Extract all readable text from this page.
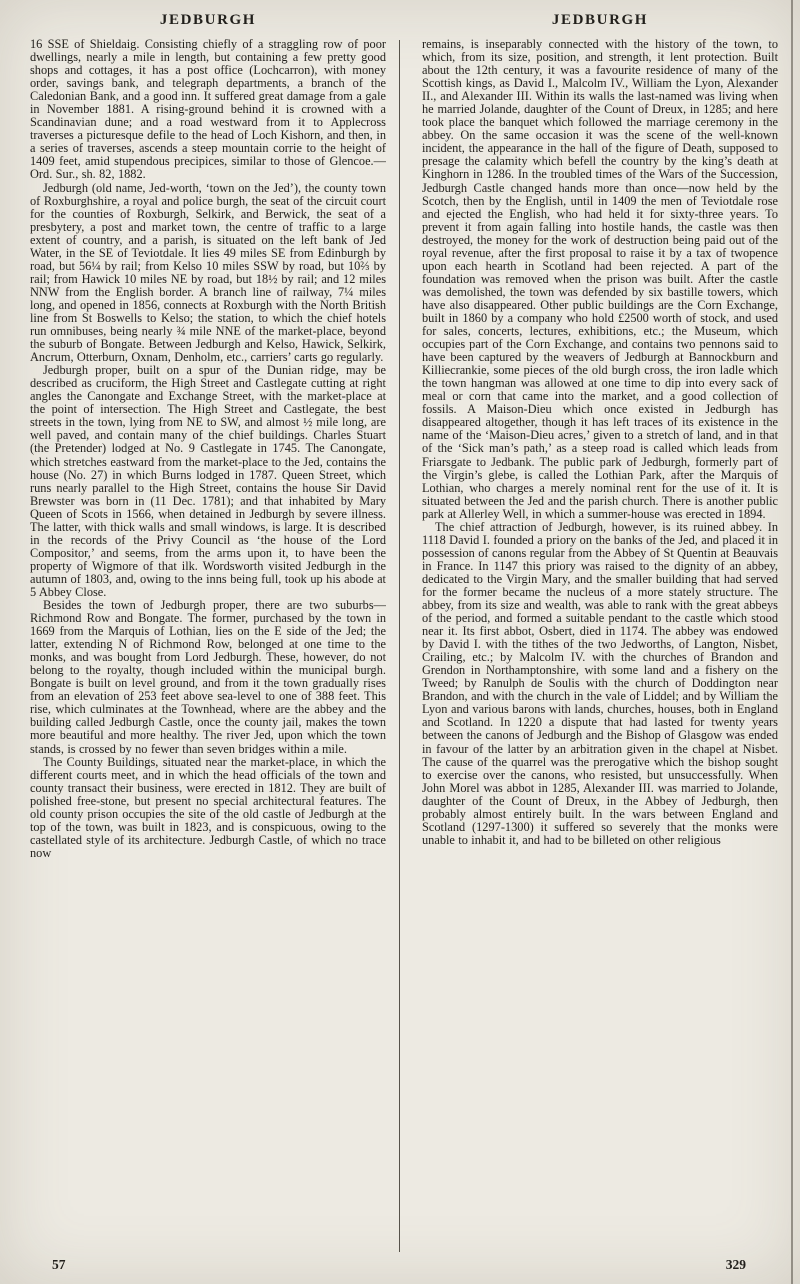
JEDBURGH

16 SSE of Shieldaig. Consisting chiefly of a straggling row of poor dwellings, nearly a mile in length, but containing a few pretty good shops and cottages, it has a post office (Lochcarron), with money order, savings bank, and telegraph departments, a branch of the Caledonian Bank, and a good inn. It suffered great damage from a gale in November 1881. A rising-ground behind it is crowned with a Scandinavian dune; and a road westward from it to Applecross traverses a picturesque defile to the head of Loch Kishorn, and then, in a series of traverses, ascends a steep mountain corrie to the height of 1409 feet, amid stupendous precipices, similar to those of Glencoe.—Ord. Sur., sh. 82, 1882.

Jedburgh (old name, Jed-worth, ‘town on the Jed’), the county town of Roxburghshire, a royal and police burgh, the seat of the circuit court for the counties of Roxburgh, Selkirk, and Berwick, the seat of a presbytery, a post and market town, the centre of traffic to a large extent of country, and a parish, is situated on the left bank of Jed Water, in the SE of Teviotdale. It lies 49 miles SE from Edinburgh by road, but 56¼ by rail; from Kelso 10 miles SSW by road, but 10⅔ by rail; from Hawick 10 miles NE by road, but 18½ by rail; and 12 miles NNW from the English border. A branch line of railway, 7¼ miles long, and opened in 1856, connects at Roxburgh with the North British line from St Boswells to Kelso; the station, to which the chief hotels run omnibuses, being nearly ¾ mile NNE of the market-place, beyond the suburb of Bongate. Between Jedburgh and Kelso, Hawick, Selkirk, Ancrum, Otterburn, Oxnam, Denholm, etc., carriers’ carts go regularly.

Jedburgh proper, built on a spur of the Dunian ridge, may be described as cruciform, the High Street and Castlegate cutting at right angles the Canongate and Exchange Street, with the market-place at the point of intersection. The High Street and Castlegate, the best streets in the town, lying from NE to SW, and almost ½ mile long, are well paved, and contain many of the chief buildings. Charles Stuart (the Pretender) lodged at No. 9 Castlegate in 1745. The Canongate, which stretches eastward from the market-place to the Jed, contains the house (No. 27) in which Burns lodged in 1787. Queen Street, which runs nearly parallel to the High Street, contains the house Sir David Brewster was born in (11 Dec. 1781); and that inhabited by Mary Queen of Scots in 1566, when detained in Jedburgh by severe illness. The latter, with thick walls and small windows, is large. It is described in the records of the Privy Council as ‘the house of the Lord Compositor,’ and seems, from the arms upon it, to have been the property of Wigmore of that ilk. Wordsworth visited Jedburgh in the autumn of 1803, and, owing to the inns being full, took up his abode at 5 Abbey Close.

Besides the town of Jedburgh proper, there are two suburbs—Richmond Row and Bongate. The former, purchased by the town in 1669 from the Marquis of Lothian, lies on the E side of the Jed; the latter, extending N of Richmond Row, belonged at one time to the monks, and was bought from Lord Jedburgh. These, however, do not belong to the royalty, though included within the municipal burgh. Bongate is built on level ground, and from it the town gradually rises from an elevation of 253 feet above sea-level to one of 388 feet. This rise, which culminates at the Townhead, where are the abbey and the building called Jedburgh Castle, once the county jail, makes the town more beautiful and more healthy. The river Jed, upon which the town stands, is crossed by no fewer than seven bridges within a mile.

The County Buildings, situated near the market-place, in which the different courts meet, and in which the head officials of the town and county transact their business, were erected in 1812. They are built of polished free-stone, but present no special architectural features. The old county prison occupies the site of the old castle of Jedburgh at the top of the town, was built in 1823, and is conspicuous, owing to the castellated style of its architecture. Jedburgh Castle, of which no trace now

JEDBURGH

remains, is inseparably connected with the history of the town, to which, from its size, position, and strength, it lent protection. Built about the 12th century, it was a favourite residence of many of the Scottish kings, as David I., Malcolm IV., William the Lyon, Alexander II., and Alexander III. Within its walls the last-named was living when he married Jolande, daughter of the Count of Dreux, in 1285; and here took place the banquet which followed the marriage ceremony in the abbey. On the same occasion it was the scene of the well-known incident, the appearance in the hall of the figure of Death, supposed to presage the calamity which befell the country by the king’s death at Kinghorn in 1286. In the troubled times of the Wars of the Succession, Jedburgh Castle changed hands more than once—now held by the Scotch, then by the English, until in 1409 the men of Teviotdale rose and ejected the English, who had held it for sixty-three years. To prevent it from again falling into hostile hands, the castle was then destroyed, the money for the work of destruction being paid out of the royal revenue, after the first proposal to raise it by a tax of twopence upon each hearth in Scotland had been rejected. A part of the foundation was removed when the prison was built. After the castle was demolished, the town was defended by six bastille towers, which have also disappeared. Other public buildings are the Corn Exchange, built in 1860 by a company who hold £2500 worth of stock, and used for sales, concerts, lectures, exhibitions, etc.; the Museum, which occupies part of the Corn Exchange, and contains two pennons said to have been captured by the weavers of Jedburgh at Bannockburn and Killiecrankie, some pieces of the old burgh cross, the iron ladle which the town hangman was allowed at one time to dip into every sack of meal or corn that came into the market, and a good collection of fossils. A Maison-Dieu which once existed in Jedburgh has disappeared altogether, though it has left traces of its existence in the name of the ‘Maison-Dieu acres,’ given to a stretch of land, and in that of the ‘Sick man’s path,’ as a steep road is called which leads from Friarsgate to Jedbank. The public park of Jedburgh, formerly part of the Virgin’s glebe, is called the Lothian Park, after the Marquis of Lothian, who charges a merely nominal rent for the use of it. It is situated between the Jed and the parish church. There is another public park at Allerley Well, in which a summer-house was erected in 1894.

The chief attraction of Jedburgh, however, is its ruined abbey. In 1118 David I. founded a priory on the banks of the Jed, and placed it in possession of canons regular from the Abbey of St Quentin at Beauvais in France. In 1147 this priory was raised to the dignity of an abbey, dedicated to the Virgin Mary, and the smaller building that had served for the former became the nucleus of a more stately structure. The abbey, from its size and wealth, was able to rank with the great abbeys of the period, and formed a suitable pendant to the castle which stood near it. Its first abbot, Osbert, died in 1174. The abbey was endowed by David I. with the tithes of the two Jedworths, of Langton, Nisbet, Crailing, etc.; by Malcolm IV. with the churches of Brandon and Grendon in Northamptonshire, with some land and a fishery on the Tweed; by Ranulph de Soulis with the church of Doddington near Brandon, and with the church in the vale of Liddel; and by William the Lyon and various barons with lands, churches, houses, both in England and Scotland. In 1220 a dispute that had lasted for twenty years between the canons of Jedburgh and the Bishop of Glasgow was ended in favour of the latter by an arbitration given in the chapel at Nisbet. The cause of the quarrel was the prerogative which the bishop sought to exercise over the canons, who resisted, but unsuccessfully. When John Morel was abbot in 1285, Alexander III. was married to Jolande, daughter of the Count of Dreux, in the Abbey of Jedburgh, then probably almost entirely built. In the wars between England and Scotland (1297-1300) it suffered so severely that the monks were unable to inhabit it, and had to be billeted on other religious

57	329
